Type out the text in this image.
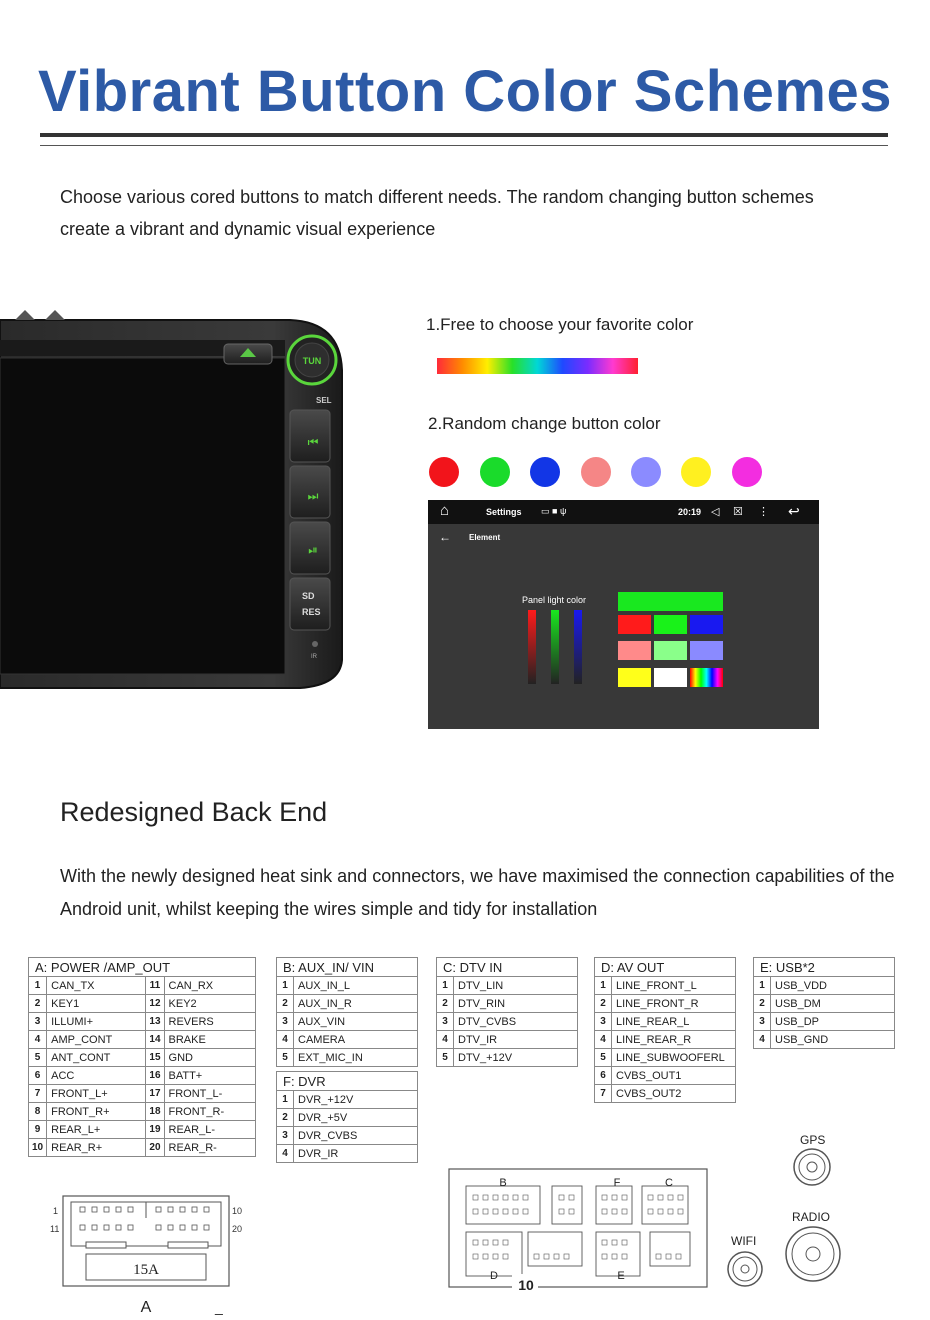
Vibrant Button Color Schemes
Choose various cored buttons to match different needs. The random changing button schemes create a vibrant and dynamic visual experience
TUN
SEL
⏮
⏭
⏯
SD
RES
IR
1.Free to choose your favorite color
2.Random change button color
⌂	Settings ▭ ■ ψ	20:19 ◁ ☒ ⋮ ↩
← Element
Panel light color
Redesigned Back End
With the newly designed heat sink and connectors, we have maximised the connection capabilities of the Android unit, whilst keeping the wires simple and tidy for installation
A: POWER /AMP_OUT			
1	CAN_TX	11	CAN_RX
2	KEY1	12	KEY2
3	ILLUMI+	13	REVERS
4	AMP_CONT	14	BRAKE
5	ANT_CONT	15	GND
6	ACC	16	BATT+
7	FRONT_L+	17	FRONT_L-
8	FRONT_R+	18	FRONT_R-
9	REAR_L+	19	REAR_L-
10	REAR_R+	20	REAR_R-
B: AUX_IN/ VIN	
1	AUX_IN_L
2	AUX_IN_R
3	AUX_VIN
4	CAMERA
5	EXT_MIC_IN
F: DVR	
1	DVR_+12V
2	DVR_+5V
3	DVR_CVBS
4	DVR_IR
C: DTV IN	
1	DTV_LIN
2	DTV_RIN
3	DTV_CVBS
4	DTV_IR
5	DTV_+12V
D: AV OUT	
1	LINE_FRONT_L
2	LINE_FRONT_R
3	LINE_REAR_L
4	LINE_REAR_R
5	LINE_SUBWOOFERL
6	CVBS_OUT1
7	CVBS_OUT2
E: USB*2	
1	USB_VDD
2	USB_DM
3	USB_DP
4	USB_GND
1	10
11	20
15A
A	_
B	F	C
D	E
10
GPS
RADIO
WIFI
